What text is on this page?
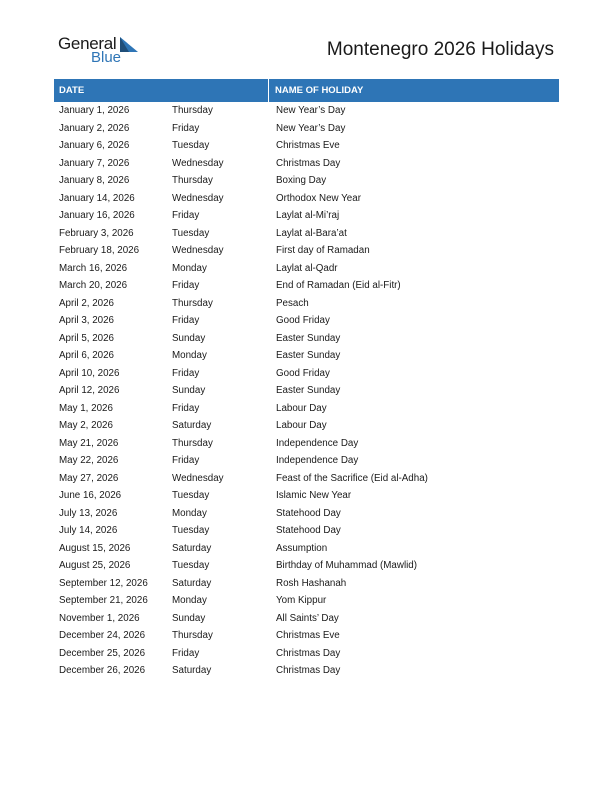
General
Blue	Montenegro 2026 Holidays
DATE	NAME OF HOLIDAY
January 1, 2026	Thursday	New Year’s Day
January 2, 2026	Friday	New Year’s Day
January 6, 2026	Tuesday	Christmas Eve
January 7, 2026	Wednesday	Christmas Day
January 8, 2026	Thursday	Boxing Day
January 14, 2026	Wednesday	Orthodox New Year
January 16, 2026	Friday	Laylat al-Mi’raj
February 3, 2026	Tuesday	Laylat al-Bara’at
February 18, 2026	Wednesday	First day of Ramadan
March 16, 2026	Monday	Laylat al-Qadr
March 20, 2026	Friday	End of Ramadan (Eid al-Fitr)
April 2, 2026	Thursday	Pesach
April 3, 2026	Friday	Good Friday
April 5, 2026	Sunday	Easter Sunday
April 6, 2026	Monday	Easter Sunday
April 10, 2026	Friday	Good Friday
April 12, 2026	Sunday	Easter Sunday
May 1, 2026	Friday	Labour Day
May 2, 2026	Saturday	Labour Day
May 21, 2026	Thursday	Independence Day
May 22, 2026	Friday	Independence Day
May 27, 2026	Wednesday	Feast of the Sacrifice (Eid al-Adha)
June 16, 2026	Tuesday	Islamic New Year
July 13, 2026	Monday	Statehood Day
July 14, 2026	Tuesday	Statehood Day
August 15, 2026	Saturday	Assumption
August 25, 2026	Tuesday	Birthday of Muhammad (Mawlid)
September 12, 2026	Saturday	Rosh Hashanah
September 21, 2026	Monday	Yom Kippur
November 1, 2026	Sunday	All Saints’ Day
December 24, 2026	Thursday	Christmas Eve
December 25, 2026	Friday	Christmas Day
December 26, 2026	Saturday	Christmas Day
